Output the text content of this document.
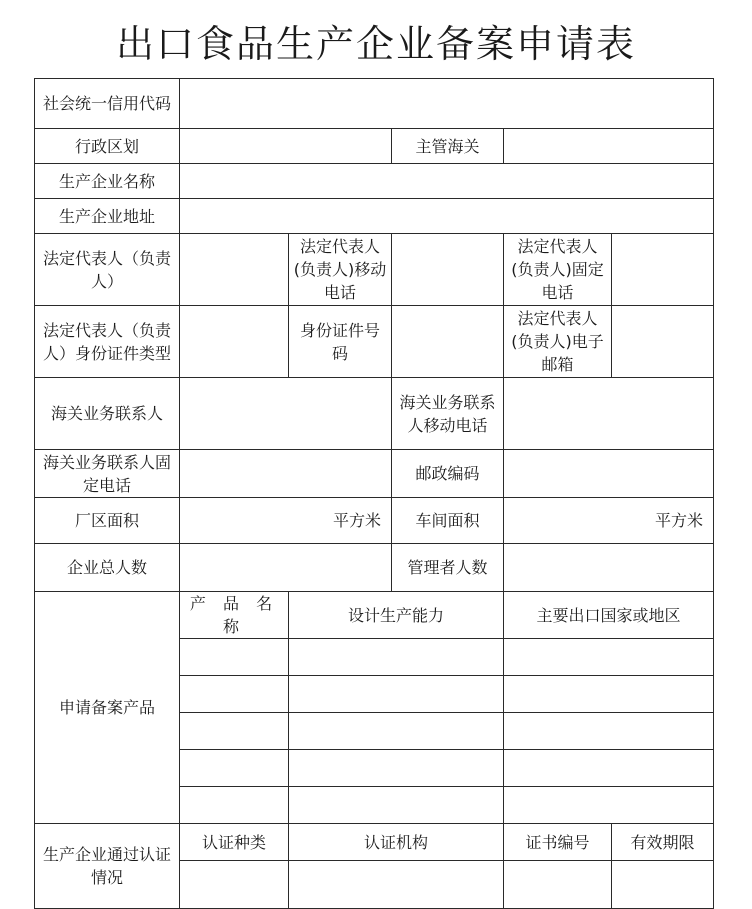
出口食品生产企业备案申请表
社会统一信用代码					
行政区划			主管海关		
生产企业名称					
生产企业地址					
法定代表人（负责人）		法定代表人(负责人)移动电话		法定代表人(负责人)固定电话	
法定代表人（负责人）身份证件类型		身份证件号码		法定代表人(负责人)电子邮箱	
海关业务联系人			海关业务联系人移动电话		
海关业务联系人固定电话			邮政编码		
厂区面积	平方米		车间面积	平方米	
企业总人数			管理者人数		
申请备案产品	产 品 名 称	设计生产能力		主要出口国家或地区	

生产企业通过认证情况	认证种类	认证机构		证书编号	有效期限
